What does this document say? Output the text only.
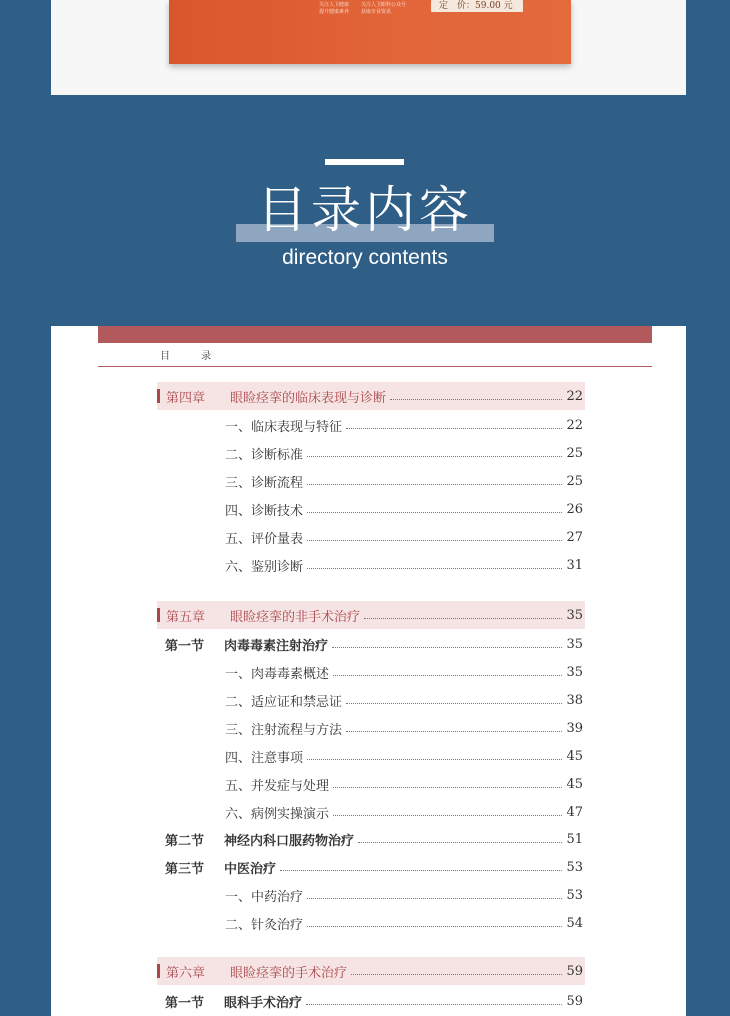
关注人卫健康
提升健康素养
关注人卫眼科公众号
获取专业资讯
定　价：59.00 元
目录内容
directory contents
目 录
第四章	眼睑痉挛的临床表现与诊断	22
一、临床表现与特征	22
二、诊断标准	25
三、诊断流程	25
四、诊断技术	26
五、评价量表	27
六、鉴别诊断	31
第五章	眼睑痉挛的非手术治疗	35
第一节	肉毒毒素注射治疗	35
一、肉毒毒素概述	35
二、适应证和禁忌证	38
三、注射流程与方法	39
四、注意事项	45
五、并发症与处理	45
六、病例实操演示	47
第二节	神经内科口服药物治疗	51
第三节	中医治疗	53
一、中药治疗	53
二、针灸治疗	54
第六章	眼睑痉挛的手术治疗	59
第一节	眼科手术治疗	59
